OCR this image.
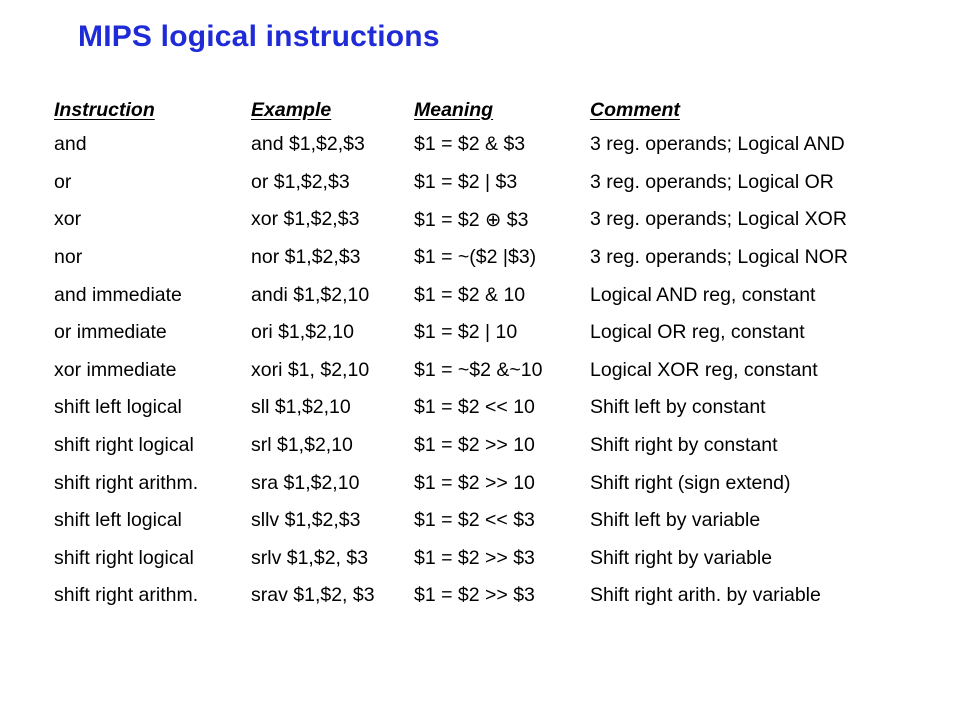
MIPS logical instructions
Instruction	Example	Meaning	Comment
and	and $1,$2,$3	$1 = $2 & $3	3 reg. operands; Logical AND
or	or $1,$2,$3	$1 = $2 | $3	3 reg. operands; Logical OR
xor	xor $1,$2,$3	$1 = $2 ⊕ $3	3 reg. operands; Logical XOR
nor	nor $1,$2,$3	$1 = ~($2 |$3)	3 reg. operands; Logical NOR
and immediate	andi $1,$2,10	$1 = $2 & 10	Logical AND reg, constant
or immediate	ori $1,$2,10	$1 = $2 | 10	Logical OR reg, constant
xor immediate	xori $1, $2,10	$1 = ~$2 &~10	Logical XOR reg, constant
shift left logical	sll $1,$2,10	$1 = $2 << 10	Shift left by constant
shift right logical	srl $1,$2,10	$1 = $2 >> 10	Shift right by constant
shift right arithm.	sra $1,$2,10	$1 = $2 >> 10	Shift right (sign extend)
shift left logical	sllv $1,$2,$3	$1 = $2 << $3	Shift left by variable
shift right logical	srlv $1,$2, $3	$1 = $2 >> $3	Shift right by variable
shift right arithm.	srav $1,$2, $3	$1 = $2 >> $3	Shift right arith. by variable
